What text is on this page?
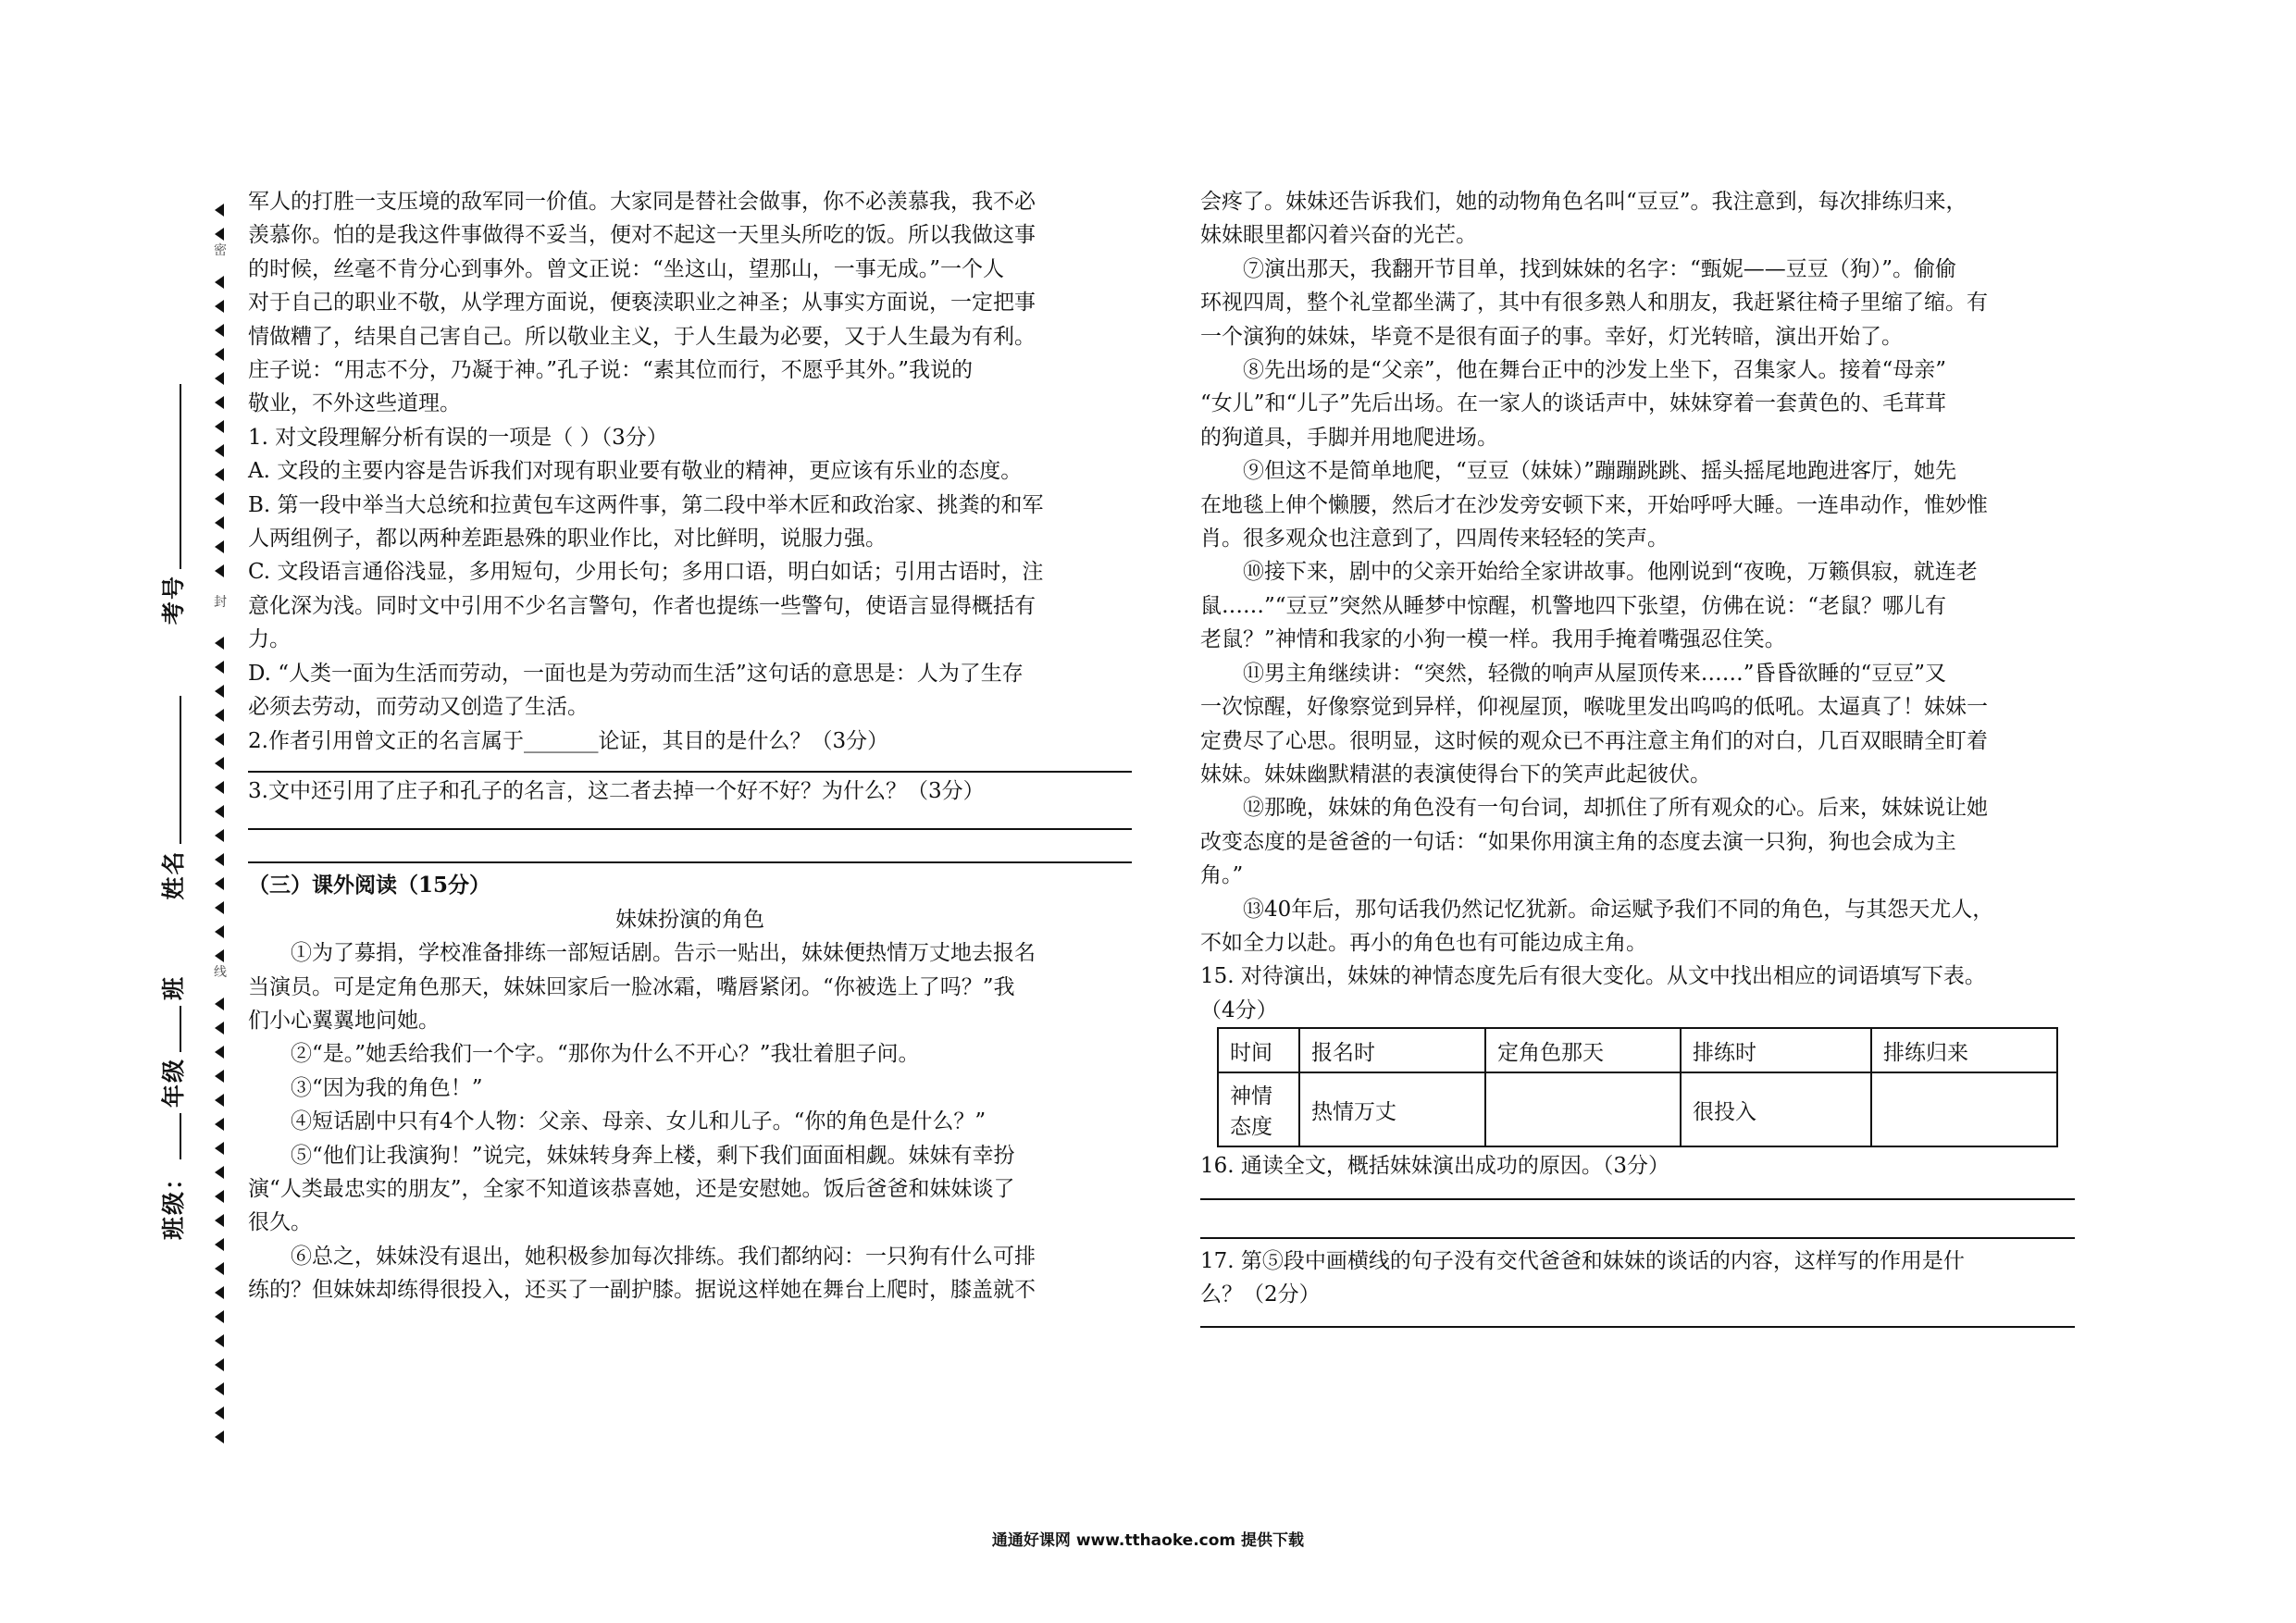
密
封
线
班级：年级班  姓名  考号

军人的打胜一支压境的敌军同一价值。大家同是替社会做事，你不必羡慕我，我不必

羡慕你。怕的是我这件事做得不妥当，便对不起这一天里头所吃的饭。所以我做这事

的时候，丝毫不肯分心到事外。曾文正说：“坐这山，望那山，一事无成。”一个人

对于自己的职业不敬，从学理方面说，便亵渎职业之神圣；从事实方面说，一定把事

情做糟了，结果自己害自己。所以敬业主义，于人生最为必要，又于人生最为有利。

庄子说：“用志不分，乃凝于神。”孔子说：“素其位而行，不愿乎其外。”我说的

敬业，不外这些道理。

1. 对文段理解分析有误的一项是（ ）（3分）

A. 文段的主要内容是告诉我们对现有职业要有敬业的精神，更应该有乐业的态度。

B. 第一段中举当大总统和拉黄包车这两件事，第二段中举木匠和政治家、挑粪的和军

人两组例子，都以两种差距悬殊的职业作比，对比鲜明，说服力强。

C. 文段语言通俗浅显，多用短句，少用长句；多用口语，明白如话；引用古语时，注

意化深为浅。同时文中引用不少名言警句，作者也提练一些警句，使语言显得概括有

力。

D. “人类一面为生活而劳动，一面也是为劳动而生活”这句话的意思是：人为了生存

必须去劳动，而劳动又创造了生活。

2.作者引用曾文正的名言属于_______论证，其目的是什么？（3分）

3.文中还引用了庄子和孔子的名言，这二者去掉一个好不好？为什么？（3分）

（三）课外阅读（15分）

妹妹扮演的角色

①为了募捐，学校准备排练一部短话剧。告示一贴出，妹妹便热情万丈地去报名

当演员。可是定角色那天，妹妹回家后一脸冰霜，嘴唇紧闭。“你被选上了吗？”我

们小心翼翼地问她。

②“是。”她丢给我们一个字。“那你为什么不开心？”我壮着胆子问。

③“因为我的角色！”

④短话剧中只有4个人物：父亲、母亲、女儿和儿子。“你的角色是什么？”

⑤“他们让我演狗！”说完，妹妹转身奔上楼，剩下我们面面相觑。妹妹有幸扮

演“人类最忠实的朋友”，全家不知道该恭喜她，还是安慰她。饭后爸爸和妹妹谈了

很久。

⑥总之，妹妹没有退出，她积极参加每次排练。我们都纳闷：一只狗有什么可排

练的？但妹妹却练得很投入，还买了一副护膝。据说这样她在舞台上爬时，膝盖就不

会疼了。妹妹还告诉我们，她的动物角色名叫“豆豆”。我注意到，每次排练归来，

妹妹眼里都闪着兴奋的光芒。

⑦演出那天，我翻开节目单，找到妹妹的名字：“甄妮——豆豆（狗）”。偷偷

环视四周，整个礼堂都坐满了，其中有很多熟人和朋友，我赶紧往椅子里缩了缩。有

一个演狗的妹妹，毕竟不是很有面子的事。幸好，灯光转暗，演出开始了。

⑧先出场的是“父亲”，他在舞台正中的沙发上坐下，召集家人。接着“母亲”

“女儿”和“儿子”先后出场。在一家人的谈话声中，妹妹穿着一套黄色的、毛茸茸

的狗道具，手脚并用地爬进场。

⑨但这不是简单地爬，“豆豆（妹妹）”蹦蹦跳跳、摇头摇尾地跑进客厅，她先

在地毯上伸个懒腰，然后才在沙发旁安顿下来，开始呼呼大睡。一连串动作，惟妙惟

肖。很多观众也注意到了，四周传来轻轻的笑声。

⑩接下来，剧中的父亲开始给全家讲故事。他刚说到“夜晚，万籁俱寂，就连老

鼠……”“豆豆”突然从睡梦中惊醒，机警地四下张望，仿佛在说：“老鼠？哪儿有

老鼠？”神情和我家的小狗一模一样。我用手掩着嘴强忍住笑。

⑪男主角继续讲：“突然，轻微的响声从屋顶传来……”昏昏欲睡的“豆豆”又

一次惊醒，好像察觉到异样，仰视屋顶，喉咙里发出呜呜的低吼。太逼真了！妹妹一

定费尽了心思。很明显，这时候的观众已不再注意主角们的对白，几百双眼睛全盯着

妹妹。妹妹幽默精湛的表演使得台下的笑声此起彼伏。

⑫那晚，妹妹的角色没有一句台词，却抓住了所有观众的心。后来，妹妹说让她

改变态度的是爸爸的一句话：“如果你用演主角的态度去演一只狗，狗也会成为主

角。”

⑬40年后，那句话我仍然记忆犹新。命运赋予我们不同的角色，与其怨天尤人，

不如全力以赴。再小的角色也有可能边成主角。

15. 对待演出，妹妹的神情态度先后有很大变化。从文中找出相应的词语填写下表。

（4分）

时间	报名时	定角色那天	排练时	排练归来
神情
态度	热情万丈		很投入	

16. 通读全文，概括妹妹演出成功的原因。（3分）

17. 第⑤段中画横线的句子没有交代爸爸和妹妹的谈话的内容，这样写的作用是什

么？（2分）

通通好课网 www.tthaoke.com 提供下载
